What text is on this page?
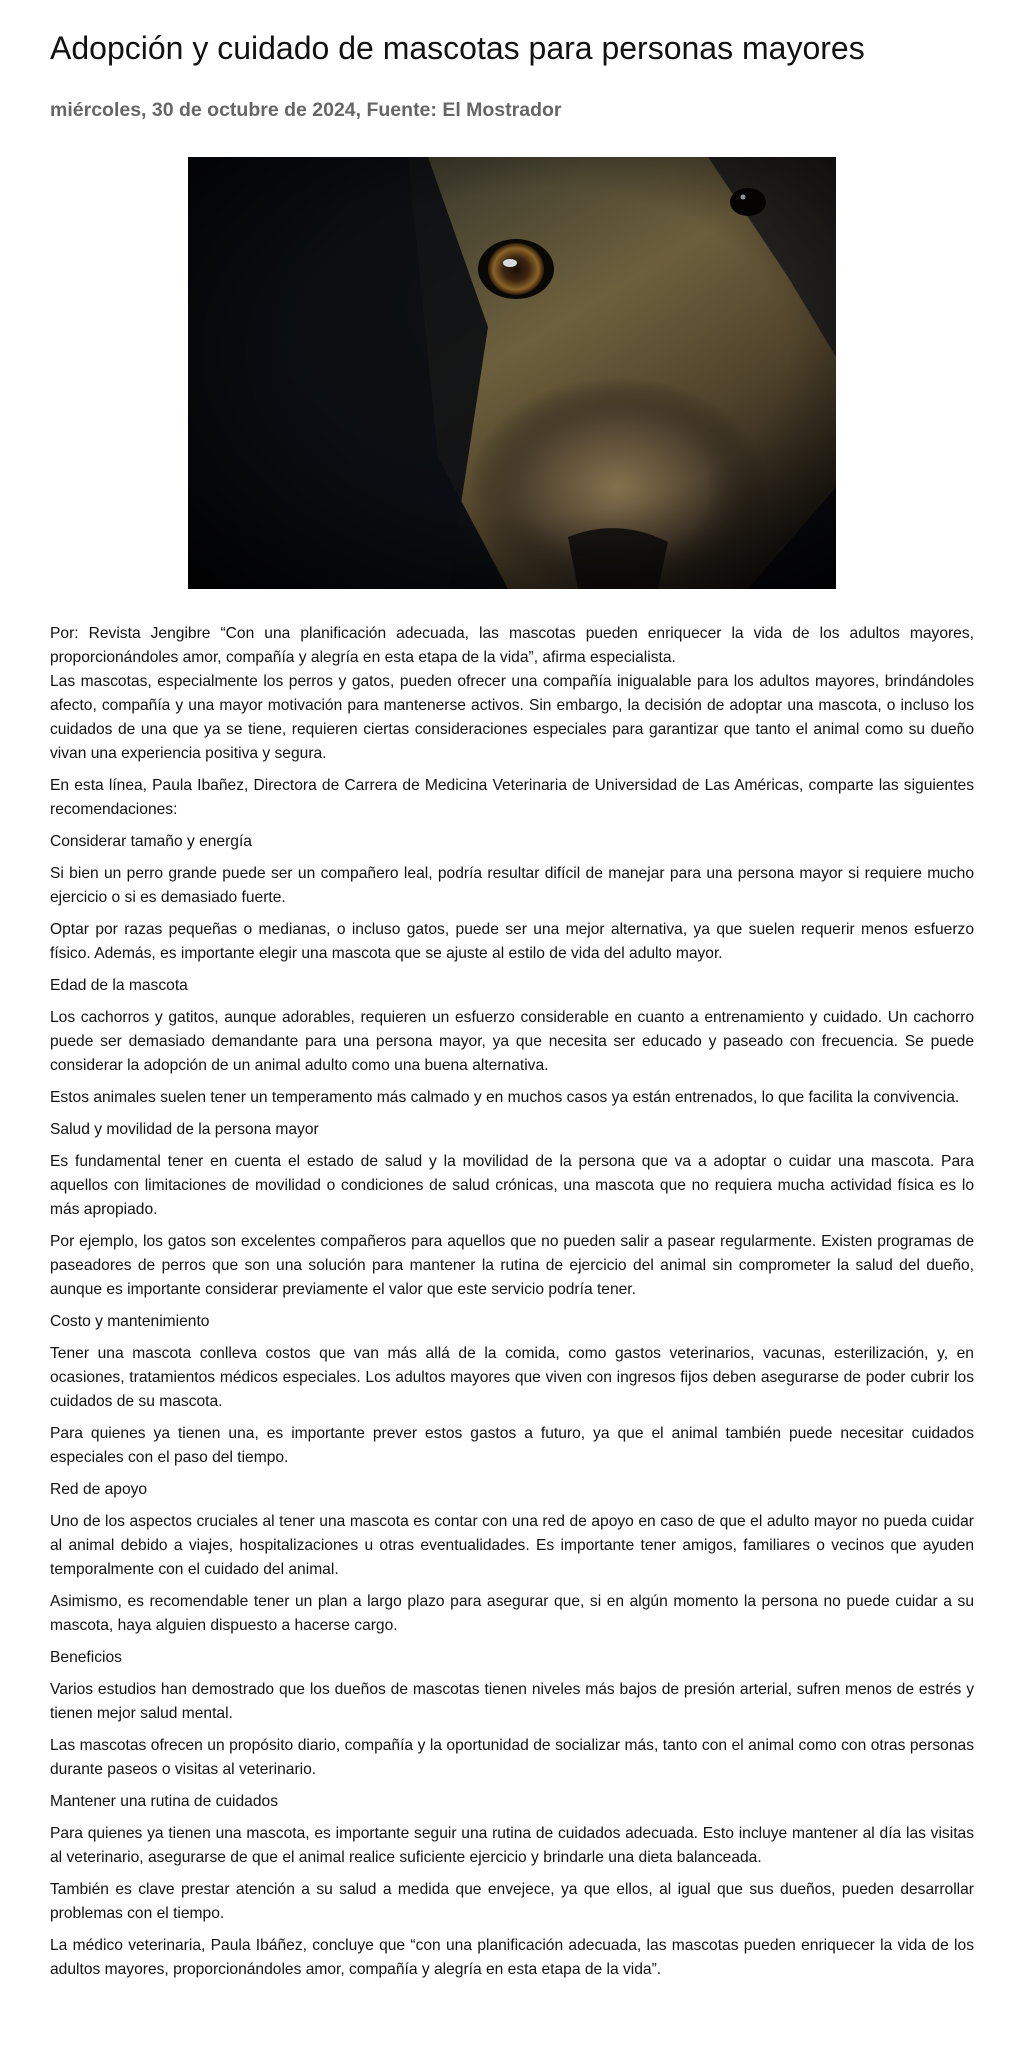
Adopción y cuidado de mascotas para personas mayores

miércoles, 30 de octubre de 2024, Fuente: El Mostrador

Por: Revista Jengibre “Con una planificación adecuada, las mascotas pueden enriquecer la vida de los adultos mayores, proporcionándoles amor, compañía y alegría en esta etapa de la vida”, afirma especialista.

Las mascotas, especialmente los perros y gatos, pueden ofrecer una compañía inigualable para los adultos mayores, brindándoles afecto, compañía y una mayor motivación para mantenerse activos. Sin embargo, la decisión de adoptar una mascota, o incluso los cuidados de una que ya se tiene, requieren ciertas consideraciones especiales para garantizar que tanto el animal como su dueño vivan una experiencia positiva y segura.

En esta línea, Paula Ibañez, Directora de Carrera de Medicina Veterinaria de Universidad de Las Américas, comparte las siguientes recomendaciones:

Considerar tamaño y energía

Si bien un perro grande puede ser un compañero leal, podría resultar difícil de manejar para una persona mayor si requiere mucho ejercicio o si es demasiado fuerte.

Optar por razas pequeñas o medianas, o incluso gatos, puede ser una mejor alternativa, ya que suelen requerir menos esfuerzo físico. Además, es importante elegir una mascota que se ajuste al estilo de vida del adulto mayor.

Edad de la mascota

Los cachorros y gatitos, aunque adorables, requieren un esfuerzo considerable en cuanto a entrenamiento y cuidado. Un cachorro puede ser demasiado demandante para una persona mayor, ya que necesita ser educado y paseado con frecuencia. Se puede considerar la adopción de un animal adulto como una buena alternativa.

Estos animales suelen tener un temperamento más calmado y en muchos casos ya están entrenados, lo que facilita la convivencia.

Salud y movilidad de la persona mayor

Es fundamental tener en cuenta el estado de salud y la movilidad de la persona que va a adoptar o cuidar una mascota. Para aquellos con limitaciones de movilidad o condiciones de salud crónicas, una mascota que no requiera mucha actividad física es lo más apropiado.

Por ejemplo, los gatos son excelentes compañeros para aquellos que no pueden salir a pasear regularmente. Existen programas de paseadores de perros que son una solución para mantener la rutina de ejercicio del animal sin comprometer la salud del dueño, aunque es importante considerar previamente el valor que este servicio podría tener.

Costo y mantenimiento

Tener una mascota conlleva costos que van más allá de la comida, como gastos veterinarios, vacunas, esterilización, y, en ocasiones, tratamientos médicos especiales. Los adultos mayores que viven con ingresos fijos deben asegurarse de poder cubrir los cuidados de su mascota.

Para quienes ya tienen una, es importante prever estos gastos a futuro, ya que el animal también puede necesitar cuidados especiales con el paso del tiempo.

Red de apoyo

Uno de los aspectos cruciales al tener una mascota es contar con una red de apoyo en caso de que el adulto mayor no pueda cuidar al animal debido a viajes, hospitalizaciones u otras eventualidades. Es importante tener amigos, familiares o vecinos que ayuden temporalmente con el cuidado del animal.

Asimismo, es recomendable tener un plan a largo plazo para asegurar que, si en algún momento la persona no puede cuidar a su mascota, haya alguien dispuesto a hacerse cargo.

Beneficios

Varios estudios han demostrado que los dueños de mascotas tienen niveles más bajos de presión arterial, sufren menos de estrés y tienen mejor salud mental.

Las mascotas ofrecen un propósito diario, compañía y la oportunidad de socializar más, tanto con el animal como con otras personas durante paseos o visitas al veterinario.

Mantener una rutina de cuidados

Para quienes ya tienen una mascota, es importante seguir una rutina de cuidados adecuada. Esto incluye mantener al día las visitas al veterinario, asegurarse de que el animal realice suficiente ejercicio y brindarle una dieta balanceada.

También es clave prestar atención a su salud a medida que envejece, ya que ellos, al igual que sus dueños, pueden desarrollar problemas con el tiempo.

La médico veterinaria, Paula Ibáñez, concluye que “con una planificación adecuada, las mascotas pueden enriquecer la vida de los adultos mayores, proporcionándoles amor, compañía y alegría en esta etapa de la vida”.
